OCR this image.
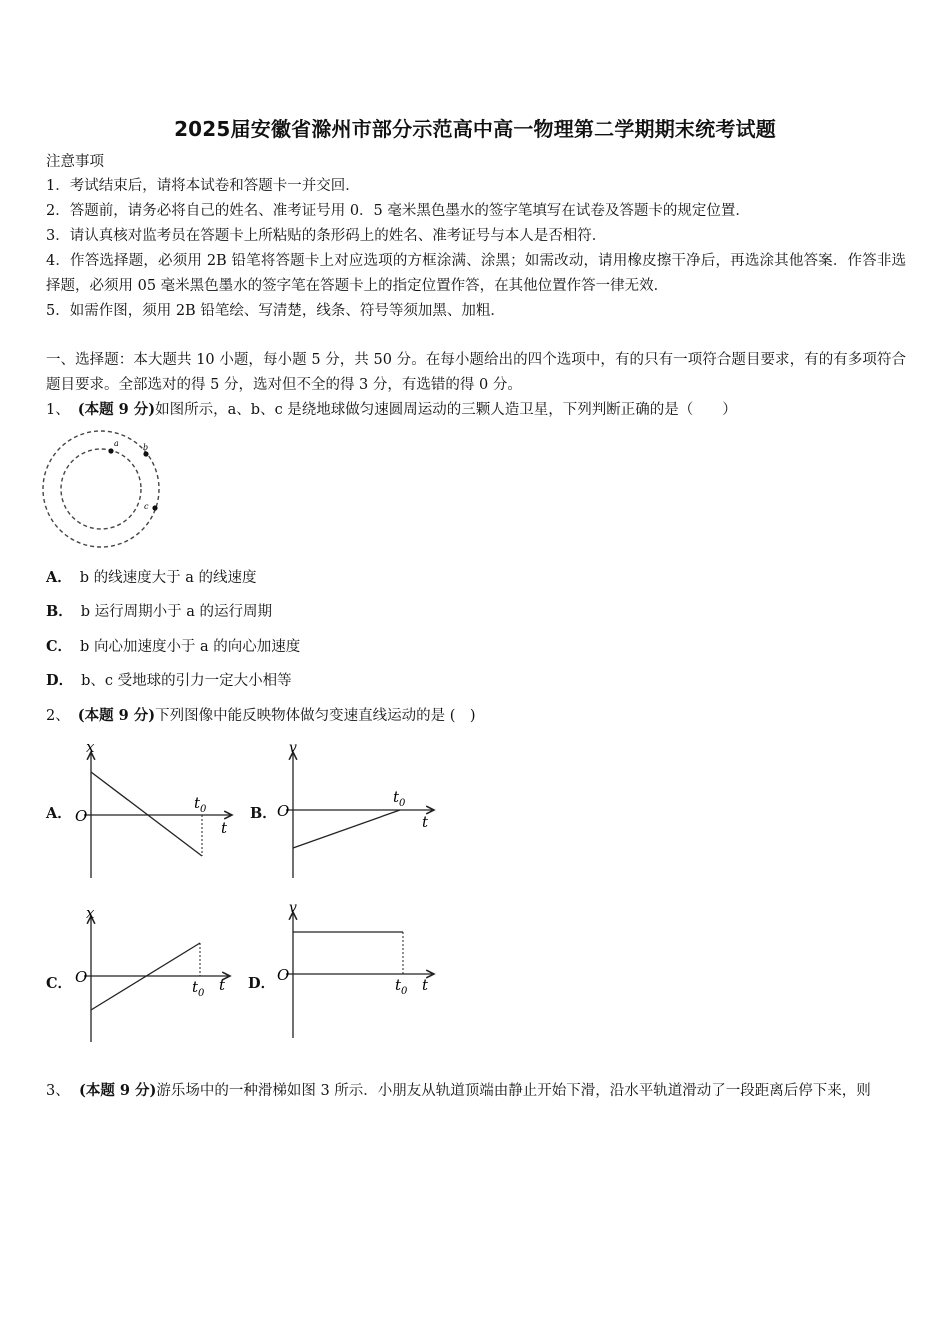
2025届安徽省滁州市部分示范高中高一物理第二学期期末统考试题
注意事项
1．考试结束后，请将本试卷和答题卡一并交回．
2．答题前，请务必将自己的姓名、准考证号用 0．5 毫米黑色墨水的签字笔填写在试卷及答题卡的规定位置．
3．请认真核对监考员在答题卡上所粘贴的条形码上的姓名、准考证号与本人是否相符．
4．作答选择题，必须用 2B 铅笔将答题卡上对应选项的方框涂满、涂黑；如需改动，请用橡皮擦干净后，再选涂其他答案．作答非选择题，必须用 05 毫米黑色墨水的签字笔在答题卡上的指定位置作答，在其他位置作答一律无效．
5．如需作图，须用 2B 铅笔绘、写清楚，线条、符号等须加黑、加粗．
一、选择题：本大题共 10 小题，每小题 5 分，共 50 分。在每小题给出的四个选项中，有的只有一项符合题目要求，有的有多项符合题目要求。全部选对的得 5 分，选对但不全的得 3 分，有选错的得 0 分。
1、 (本题 9 分)如图所示，a、b、c 是绕地球做匀速圆周运动的三颗人造卫星，下列判断正确的是（　　）
a	b
c
A． b 的线速度大于 a 的线速度
B． b 运行周期小于 a 的运行周期
C． b 向心加速度小于 a 的向心加速度
D． b、c 受地球的引力一定大小相等
2、 (本题 9 分)下列图像中能反映物体做匀变速直线运动的是 (　)
A．
x
O
t
$t_0$	B．
v
O
t
$t_0$
C．
x
O	t
$t_0$
D．
v
O
t
$t_0$
3、 (本题 9 分)游乐场中的一种滑梯如图 3 所示．小朋友从轨道顶端由静止开始下滑，沿水平轨道滑动了一段距离后停下来，则
